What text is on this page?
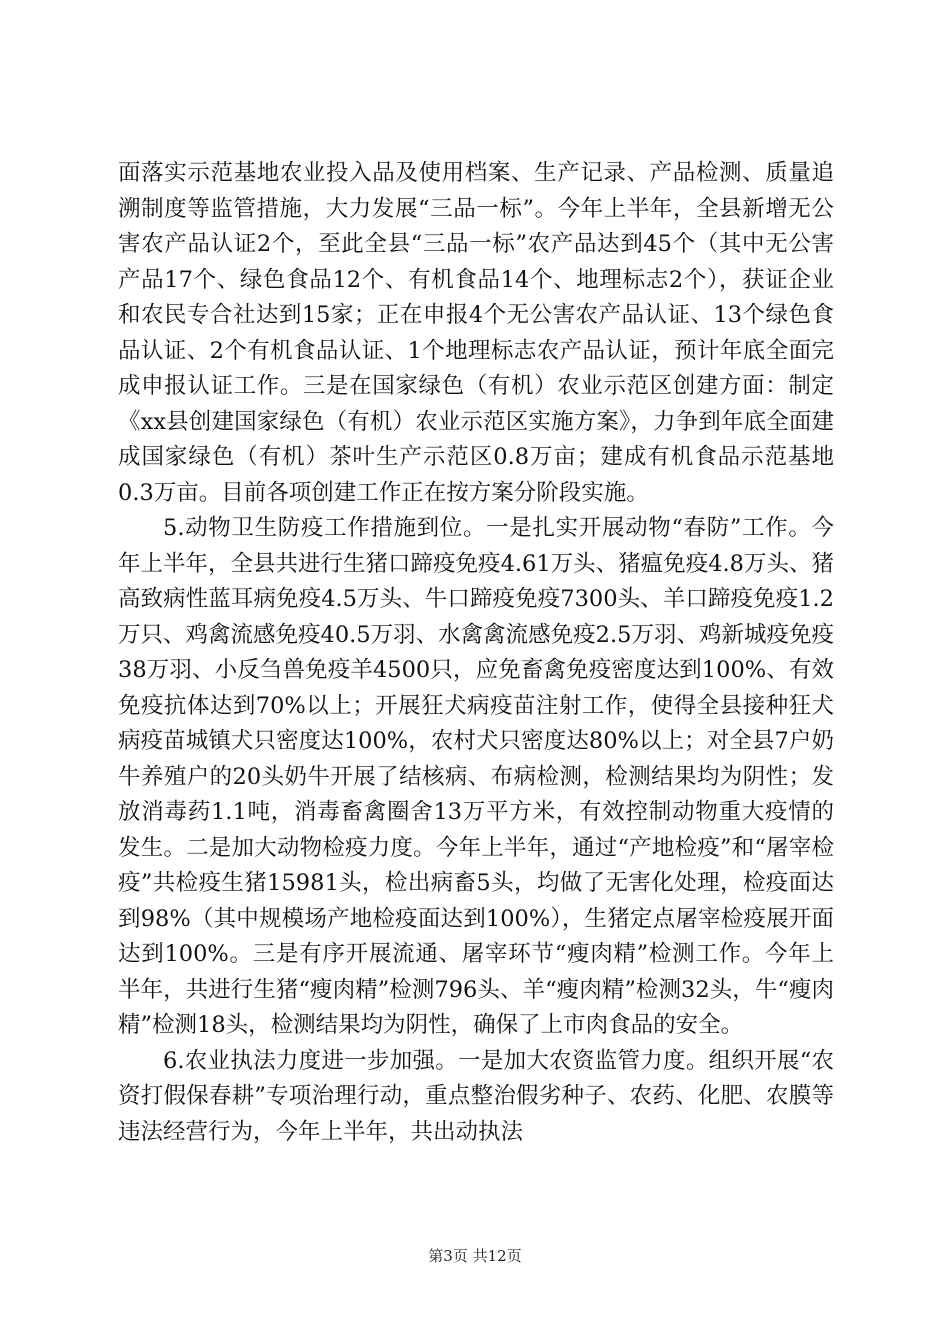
面落实示范基地农业投入品及使用档案、生产记录、产品检测、质量追溯制度等监管措施，大力发展“三品一标”。今年上半年，全县新增无公害农产品认证2个，至此全县“三品一标”农产品达到45个（其中无公害产品17个、绿色食品12个、有机食品14个、地理标志2个），获证企业和农民专合社达到15家；正在申报4个无公害农产品认证、13个绿色食品认证、2个有机食品认证、1个地理标志农产品认证，预计年底全面完成申报认证工作。三是在国家绿色（有机）农业示范区创建方面：制定《xx县创建国家绿色（有机）农业示范区实施方案》，力争到年底全面建成国家绿色（有机）茶叶生产示范区0.8万亩；建成有机食品示范基地0.3万亩。目前各项创建工作正在按方案分阶段实施。

5.动物卫生防疫工作措施到位。一是扎实开展动物“春防”工作。今年上半年，全县共进行生猪口蹄疫免疫4.61万头、猪瘟免疫4.8万头、猪高致病性蓝耳病免疫4.5万头、牛口蹄疫免疫7300头、羊口蹄疫免疫1.2万只、鸡禽流感免疫40.5万羽、水禽禽流感免疫2.5万羽、鸡新城疫免疫38万羽、小反刍兽免疫羊4500只，应免畜禽免疫密度达到100%、有效免疫抗体达到70%以上；开展狂犬病疫苗注射工作，使得全县接种狂犬病疫苗城镇犬只密度达100%，农村犬只密度达80%以上；对全县7户奶牛养殖户的20头奶牛开展了结核病、布病检测，检测结果均为阴性；发放消毒药1.1吨，消毒畜禽圈舍13万平方米，有效控制动物重大疫情的发生。二是加大动物检疫力度。今年上半年，通过“产地检疫”和“屠宰检疫”共检疫生猪15981头，检出病畜5头，均做了无害化处理，检疫面达到98%（其中规模场产地检疫面达到100%），生猪定点屠宰检疫展开面达到100%。三是有序开展流通、屠宰环节“瘦肉精”检测工作。今年上半年，共进行生猪“瘦肉精”检测796头、羊“瘦肉精”检测32头，牛“瘦肉精”检测18头，检测结果均为阴性，确保了上市肉食品的安全。

6.农业执法力度进一步加强。一是加大农资监管力度。组织开展“农资打假保春耕”专项治理行动，重点整治假劣种子、农药、化肥、农膜等违法经营行为，今年上半年，共出动执法

第3页 共12页
